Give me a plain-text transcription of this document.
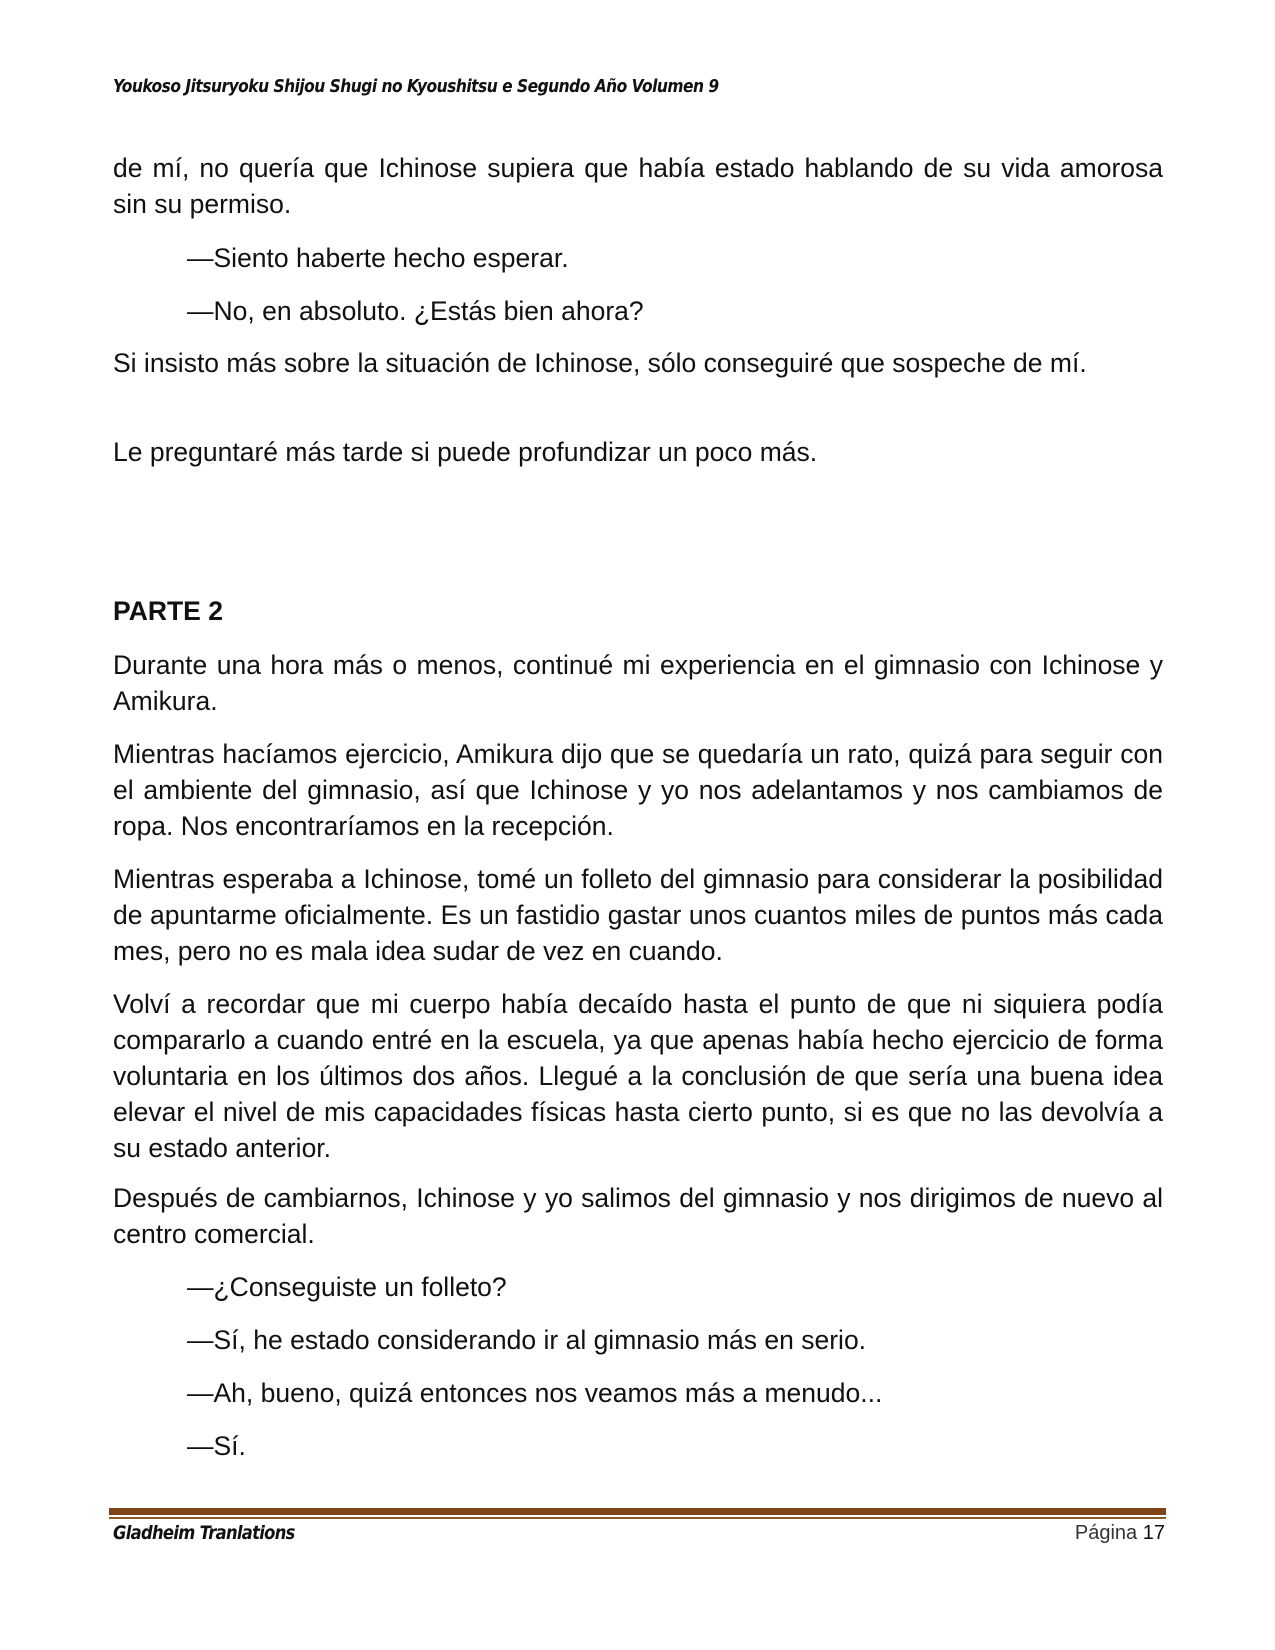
Youkoso Jitsuryoku Shijou Shugi no Kyoushitsu e Segundo Año Volumen 9

de mí, no quería que Ichinose supiera que había estado hablando de su vida amorosa sin su permiso.

—Siento haberte hecho esperar.

—No, en absoluto. ¿Estás bien ahora?

Si insisto más sobre la situación de Ichinose, sólo conseguiré que sospeche de mí.

Le preguntaré más tarde si puede profundizar un poco más.

PARTE 2

Durante una hora más o menos, continué mi experiencia en el gimnasio con Ichinose y Amikura.

Mientras hacíamos ejercicio, Amikura dijo que se quedaría un rato, quizá para seguir con el ambiente del gimnasio, así que Ichinose y yo nos adelantamos y nos cambiamos de ropa. Nos encontraríamos en la recepción.

Mientras esperaba a Ichinose, tomé un folleto del gimnasio para considerar la posibilidad de apuntarme oficialmente. Es un fastidio gastar unos cuantos miles de puntos más cada mes, pero no es mala idea sudar de vez en cuando.

Volví a recordar que mi cuerpo había decaído hasta el punto de que ni siquiera podía compararlo a cuando entré en la escuela, ya que apenas había hecho ejercicio de forma voluntaria en los últimos dos años. Llegué a la conclusión de que sería una buena idea elevar el nivel de mis capacidades físicas hasta cierto punto, si es que no las devolvía a su estado anterior.

Después de cambiarnos, Ichinose y yo salimos del gimnasio y nos dirigimos de nuevo al centro comercial.

—¿Conseguiste un folleto?

—Sí, he estado considerando ir al gimnasio más en serio.

—Ah, bueno, quizá entonces nos veamos más a menudo...

—Sí.

Gladheim Tranlations	Página 17
